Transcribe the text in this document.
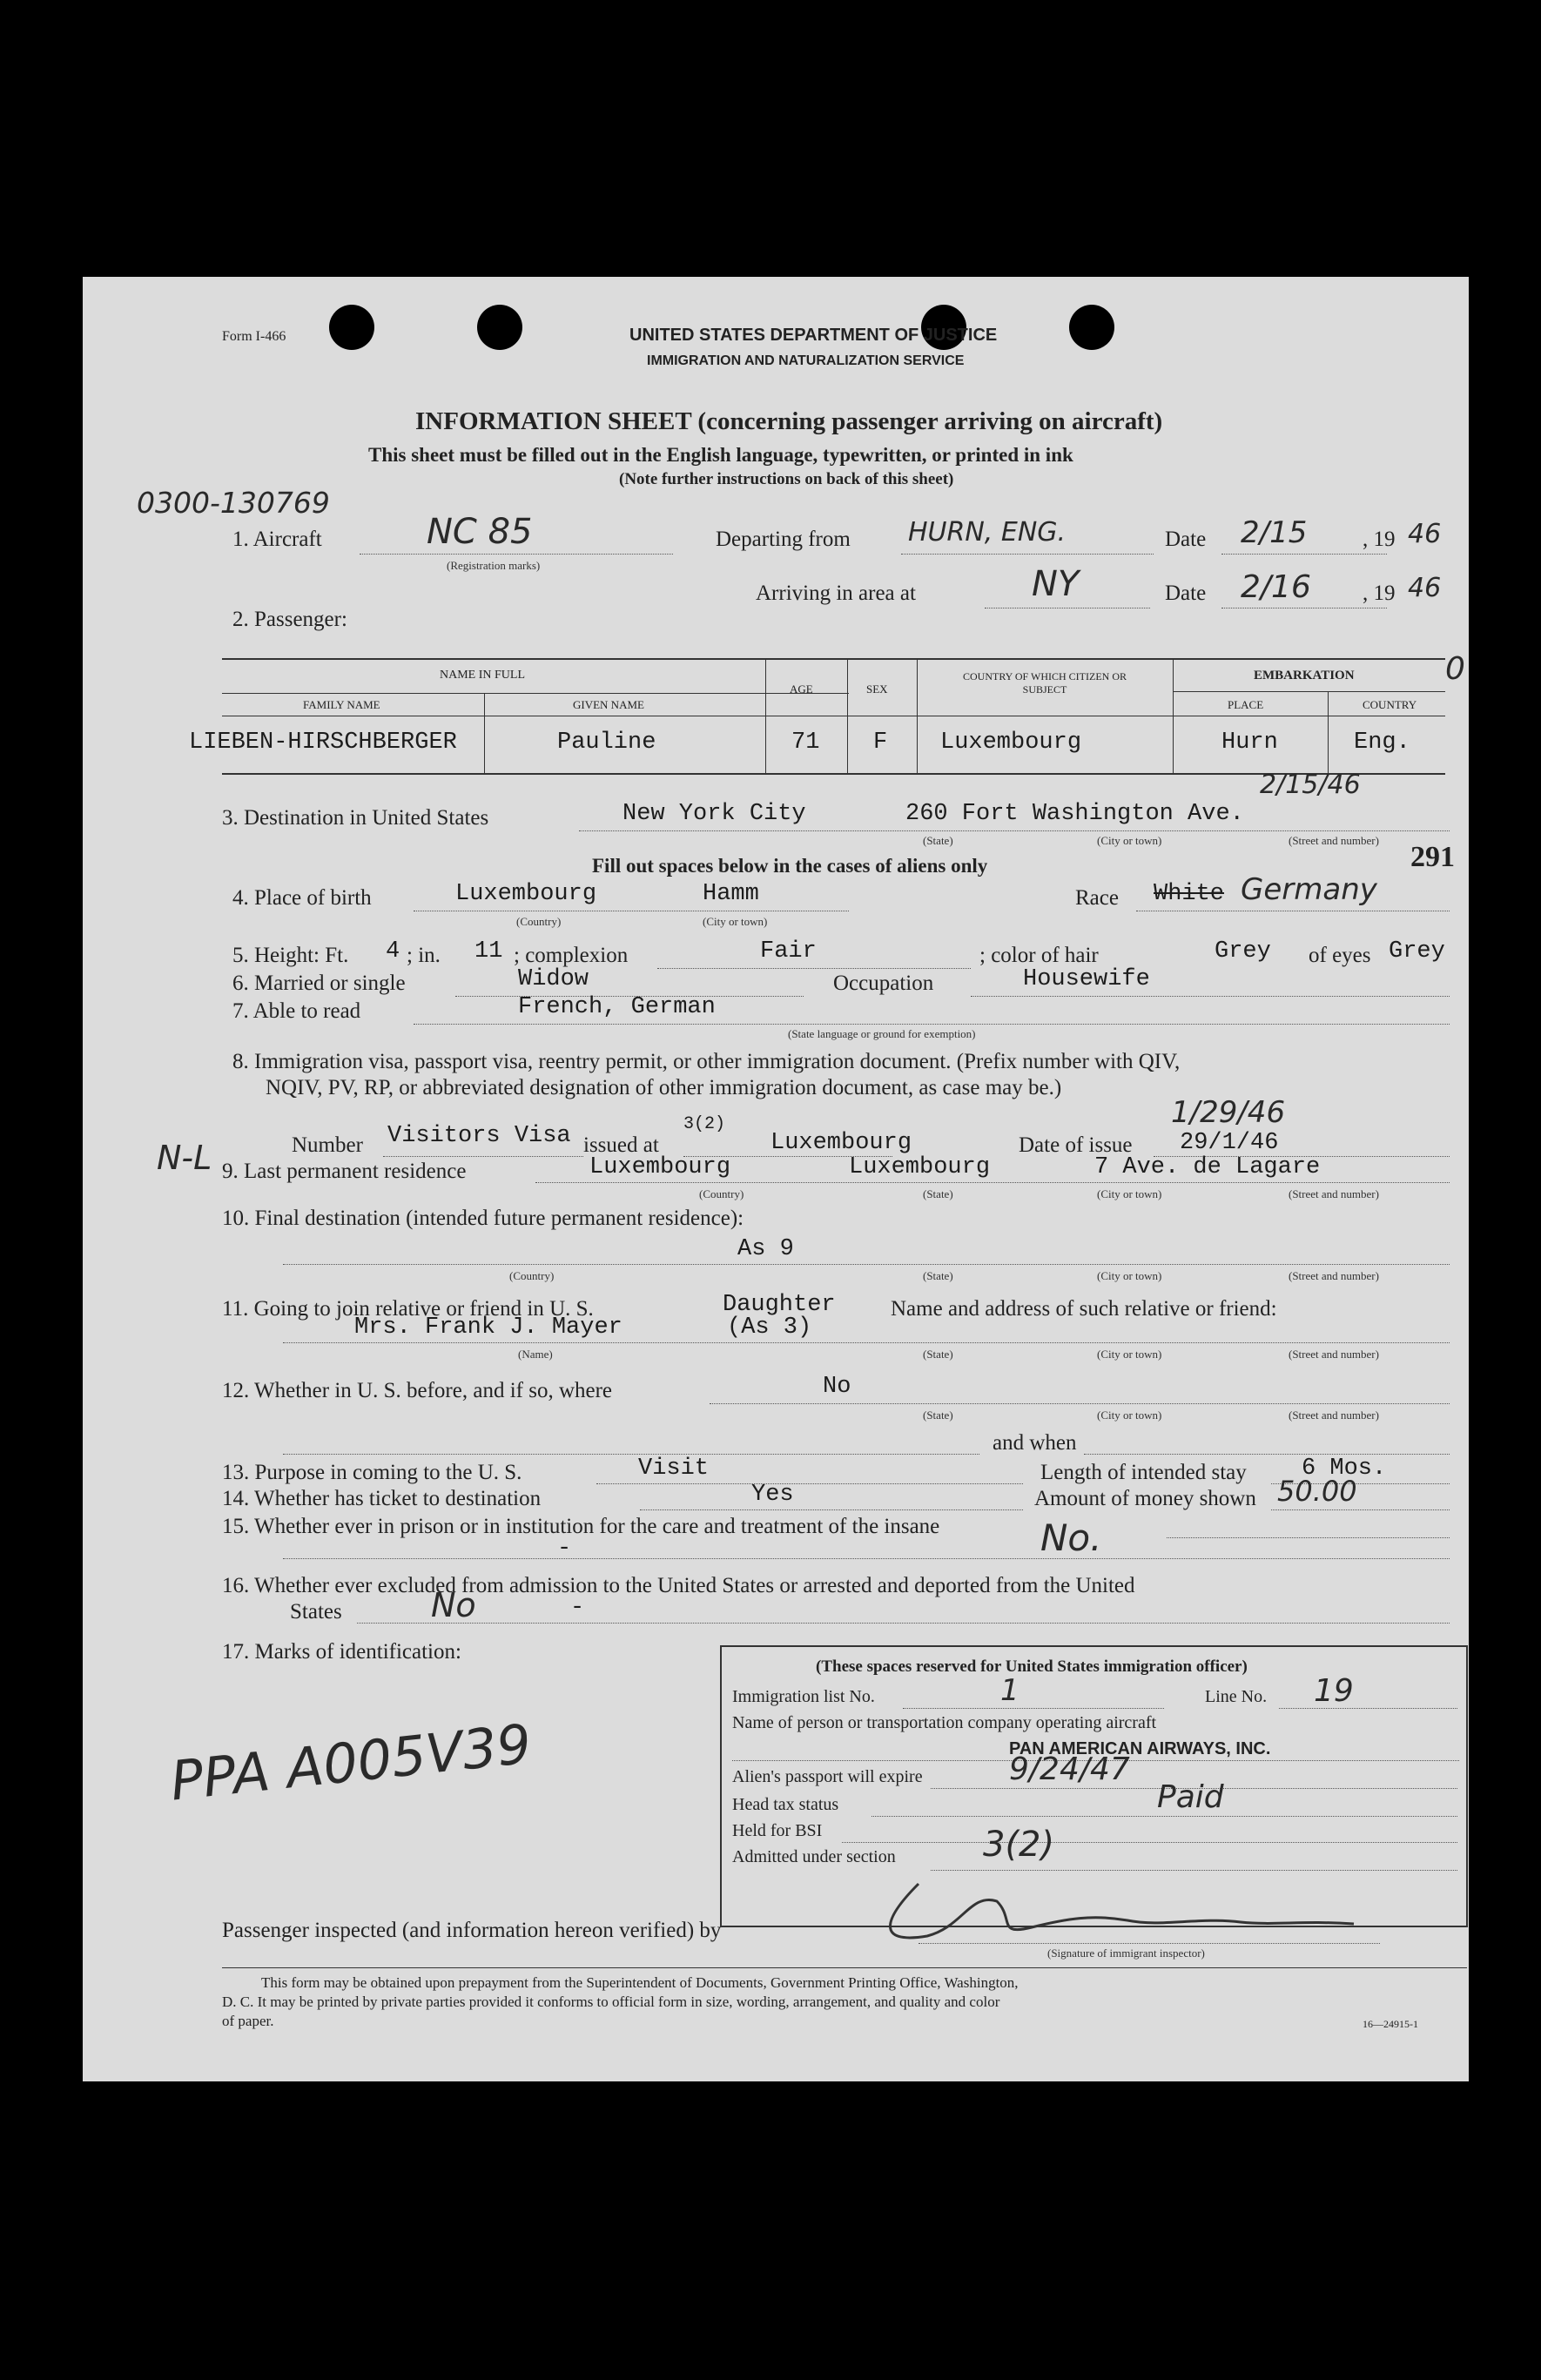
Form I-466	UNITED STATES DEPARTMENT OF JUSTICE
IMMIGRATION AND NATURALIZATION SERVICE
INFORMATION SHEET (concerning passenger arriving on aircraft)
This sheet must be filled out in the English language, typewritten, or printed in ink
(Note further instructions on back of this sheet)
0300-130769
0
1. Aircraft	NC 85
(Registration marks)
Departing from HURN, ENG.	Date 2/15	, 19 46
Arriving in area at	NY	Date 2/16 , 19 46
2. Passenger:
NAME IN FULL
FAMILY NAME	GIVEN NAME
AGE	SEX
COUNTRY OF WHICH CITIZEN OR SUBJECT
EMBARKATION
PLACE	COUNTRY
LIEBEN-HIRSCHBERGER	Pauline	71 F Luxembourg	Hurn	Eng.
3. Destination in United States	New York City	260 Fort Washington Ave.
2/15/46
(State)	(City or town)	(Street and number)
291
Fill out spaces below in the cases of aliens only
4. Place of birth	Luxembourg	Hamm
(Country)	(City or town)
Race White Germany
5. Height: Ft. 4 ; in. 11 ; complexion	Fair	; color of hair	Grey of eyes Grey
6. Married or single	Widow	Occupation	Housewife
7. Able to read	French, German
(State language or ground for exemption)
8. Immigration visa, passport visa, reentry permit, or other immigration document. (Prefix number with QIV,
NQIV, PV, RP, or abbreviated designation of other immigration document, as case may be.)
Number Visitors Visa issued at
3(2)
Luxembourg	Date of issue 29/1/46
1/29/46
N-L 9. Last permanent residence	Luxembourg	Luxembourg	7 Ave. de Lagare
(Country)	(State)	(City or town)	(Street and number)
10. Final destination (intended future permanent residence):
As 9
(Country)	(State)	(City or town)	(Street and number)
11. Going to join relative or friend in U. S.	Daughter	Name and address of such relative or friend:
Mrs. Frank J. Mayer	(As 3)
(Name)	(State)	(City or town)	(Street and number)
12. Whether in U. S. before, and if so, where	No
(State)	(City or town)	(Street and number)
and when
13. Purpose in coming to the U. S.	Visit	Length of intended stay 6 Mos.
14. Whether has ticket to destination	Yes	Amount of money shown 50.00
15. Whether ever in prison or in institution for the care and treatment of the insane
-	No.
16. Whether ever excluded from admission to the United States or arrested and deported from the United
States	No	-
17. Marks of identification:
PPA A005V39
(These spaces reserved for United States immigration officer)
Immigration list No.	1	Line No. 19
Name of person or transportation company operating aircraft
PAN AMERICAN AIRWAYS, INC.
Alien's passport will expire	9/24/47
Head tax status	Paid
Held for BSI
Admitted under section	3(2)
Passenger inspected (and information hereon verified) by
(Signature of immigrant inspector)
This form may be obtained upon prepayment from the Superintendent of Documents, Government Printing Office, Washington,
D. C. It may be printed by private parties provided it conforms to official form in size, wording, arrangement, and quality and color
of paper.	16—24915-1
